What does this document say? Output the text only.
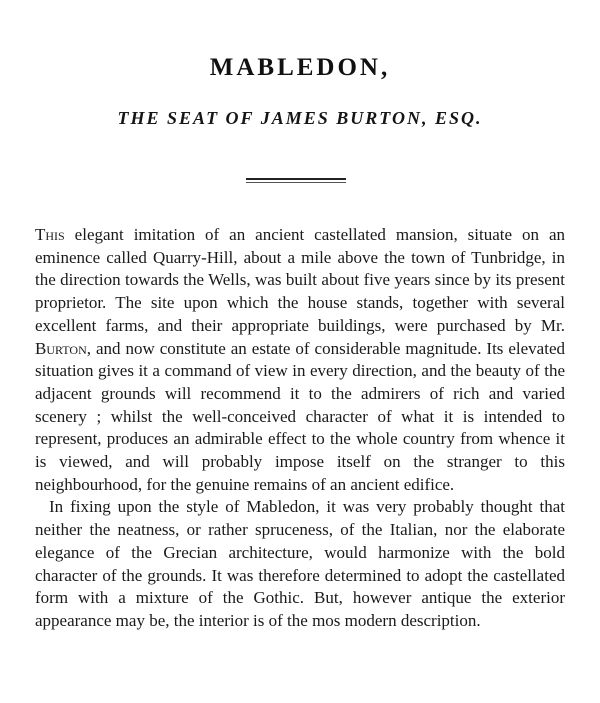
MABLEDON,
THE SEAT OF JAMES BURTON, ESQ.

This elegant imitation of an ancient castellated mansion, situate on an eminence called Quarry-Hill, about a mile above the town of Tunbridge, in the direction towards the Wells, was built about five years since by its present proprietor. The site upon which the house stands, together with several excellent farms, and their appropriate buildings, were purchased by Mr. Burton, and now constitute an estate of considerable magnitude. Its elevated situation gives it a command of view in every direction, and the beauty of the adjacent grounds will recommend it to the admirers of rich and varied scenery ; whilst the well-conceived character of what it is intended to represent, produces an admirable effect to the whole country from whence it is viewed, and will probably impose itself on the stranger to this neighbourhood, for the genuine remains of an ancient edifice.

In fixing upon the style of Mabledon, it was very probably thought that neither the neatness, or rather spruceness, of the Italian, nor the elaborate elegance of the Grecian architecture, would harmonize with the bold character of the grounds. It was therefore determined to adopt the castellated form with a mixture of the Gothic. But, however antique the exterior appearance may be, the interior is of the mos modern description.
